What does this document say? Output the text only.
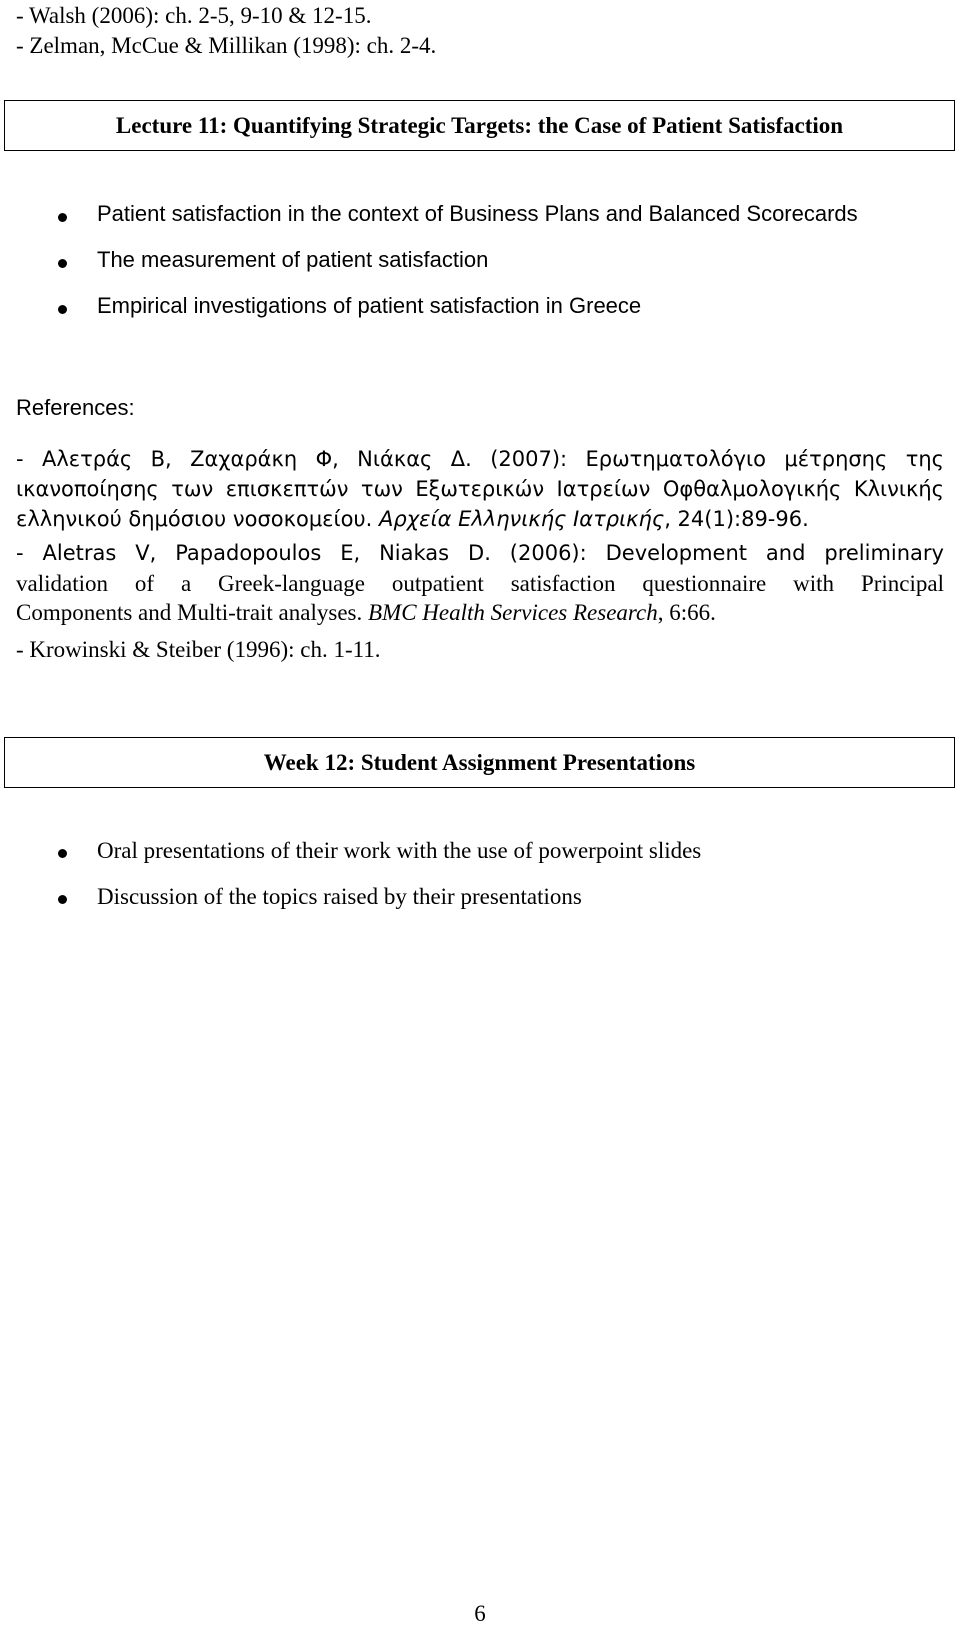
- Walsh (2006): ch. 2-5, 9-10 & 12-15.
- Zelman, McCue & Millikan (1998): ch. 2-4.
Lecture 11: Quantifying Strategic Targets: the Case of Patient Satisfaction
Patient satisfaction in the context of Business Plans and Balanced Scorecards
The measurement of patient satisfaction
Empirical investigations of patient satisfaction in Greece
References:
- Αλετράς Β, Ζαχαράκη Φ, Νιάκας Δ. (2007): Ερωτηματολόγιο μέτρησης της
ικανοποίησης των επισκεπτών των Εξωτερικών Ιατρείων Οφθαλμολογικής Κλινικής
ελληνικού δημόσιου νοσοκομείου. Αρχεία Ελληνικής Ιατρικής, 24(1):89-96.
- Aletras V, Papadopoulos E, Niakas D. (2006): Development and preliminary
validation of a Greek-language outpatient satisfaction questionnaire with Principal
Components and Multi-trait analyses. BMC Health Services Research, 6:66.
- Krowinski & Steiber (1996): ch. 1-11.
Week 12: Student Assignment Presentations
Oral presentations of their work with the use of powerpoint slides
Discussion of the topics raised by their presentations
6
